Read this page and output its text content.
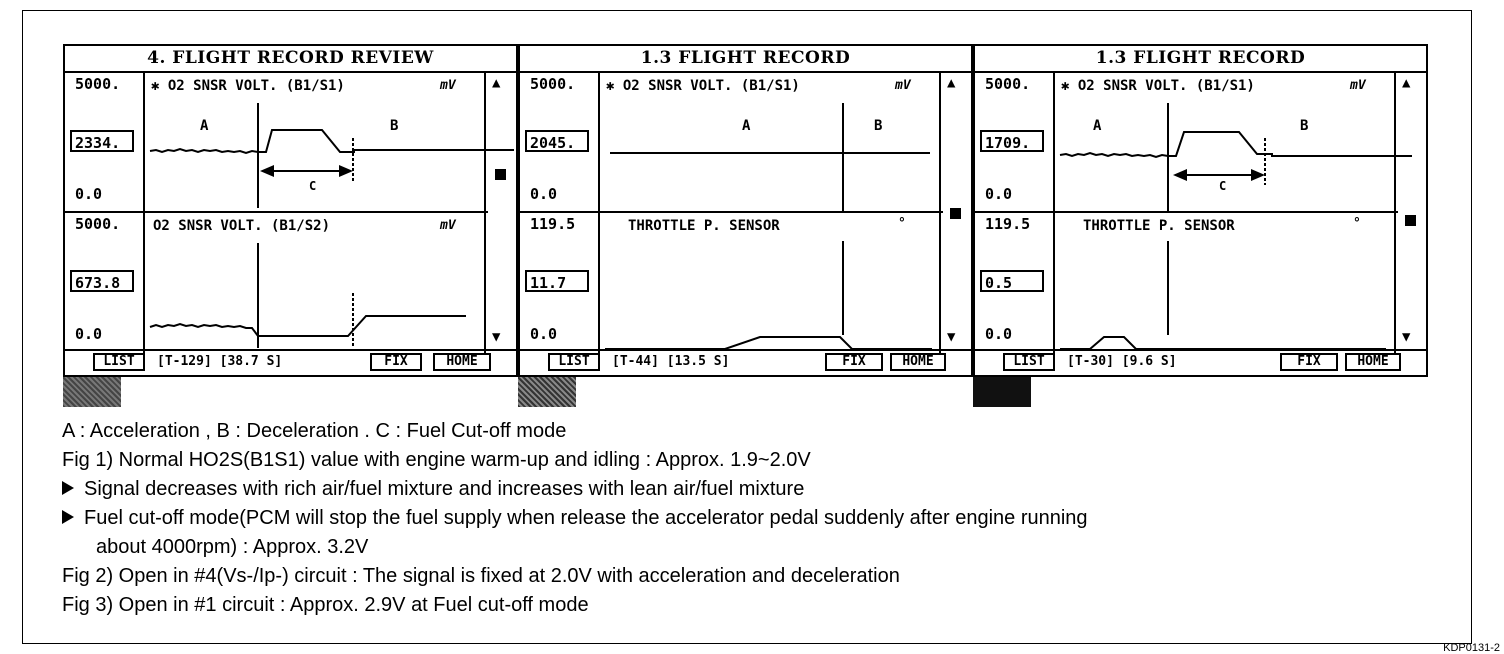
4. FLIGHT RECORD REVIEW
5000.
2334.
0.0
5000.
673.8
0.0
▲
▼
✱ O2 SNSR VOLT. (B1/S1)	mV
O2 SNSR VOLT. (B1/S2)	mV
A	B
C
LIST	[T-129] [38.7 S]	FIX	HOME
1.3 FLIGHT RECORD
5000.
2045.
0.0
119.5
11.7
0.0
▲
▼
✱ O2 SNSR VOLT. (B1/S1)	mV
THROTTLE P. SENSOR	°
A	B
LIST	[T-44] [13.5 S]	FIX	HOME
1.3 FLIGHT RECORD
5000.
1709.
0.0
119.5
0.5
0.0
▲
▼
✱ O2 SNSR VOLT. (B1/S1)	mV
THROTTLE P. SENSOR	°
A	B
C
LIST	[T-30] [9.6 S]	FIX	HOME
A : Acceleration , B : Deceleration . C : Fuel Cut-off mode
Fig 1) Normal HO2S(B1S1) value with engine warm-up and idling : Approx. 1.9~2.0V
Signal decreases with rich air/fuel mixture and increases with lean air/fuel mixture
Fuel cut-off mode(PCM will stop the fuel supply when release the accelerator pedal suddenly after engine running
about 4000rpm) : Approx. 3.2V
Fig 2) Open in #4(Vs-/Ip-) circuit : The signal is fixed at 2.0V with acceleration and deceleration
Fig 3) Open in #1 circuit : Approx. 2.9V at Fuel cut-off mode
KDP0131-2
